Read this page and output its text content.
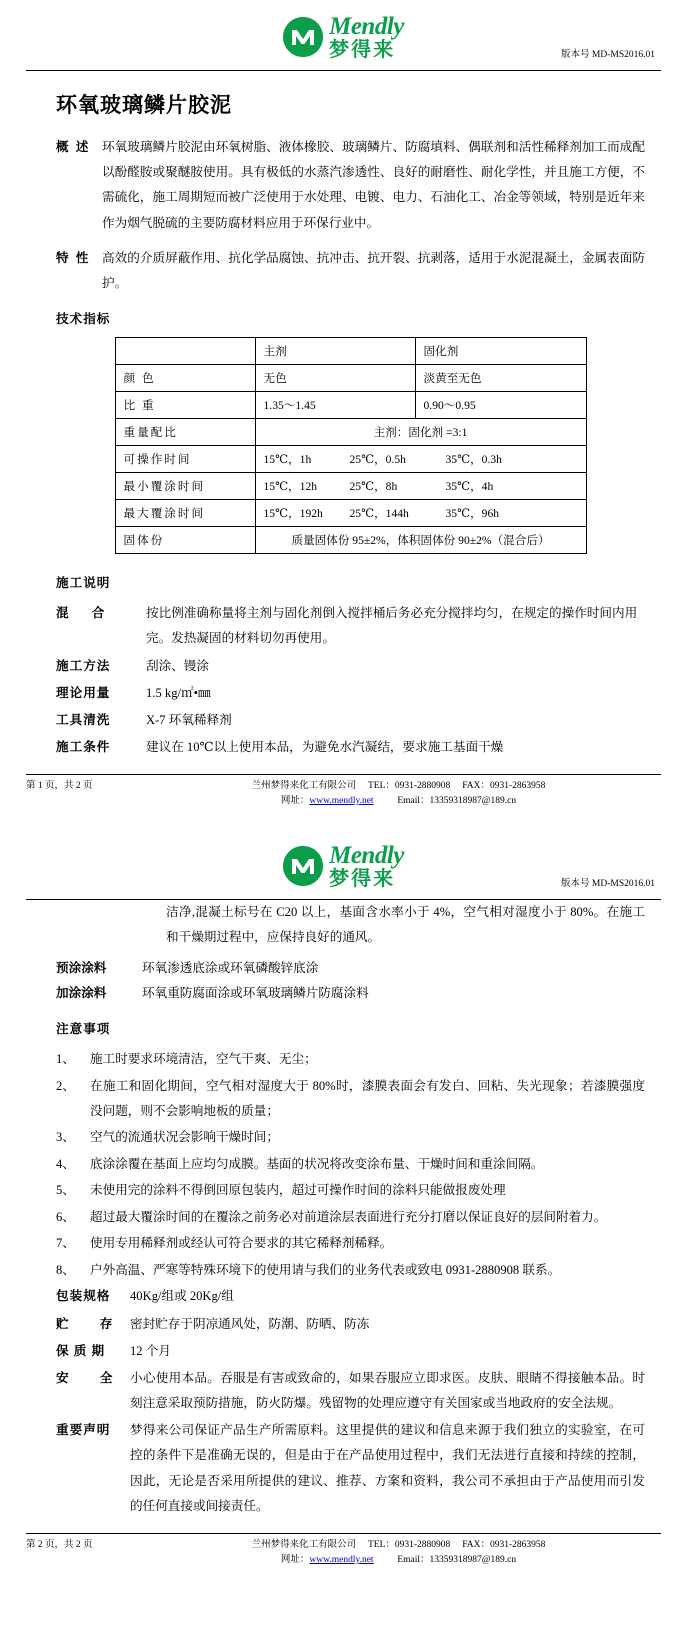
Mendly
梦得来	版本号 MD-MS2016.01
环氧玻璃鳞片胶泥
概 述 环氧玻璃鳞片胶泥由环氧树脂、液体橡胶、玻璃鳞片、防腐填料、偶联剂和活性稀释剂加工而成配以酚醛胺或聚醚胺使用。具有极低的水蒸汽渗透性、良好的耐磨性、耐化学性，并且施工方便，不需硫化，施工周期短而被广泛使用于水处理、电镀、电力、石油化工、冶金等领域，特别是近年来作为烟气脱硫的主要防腐材料应用于环保行业中。
特 性 高效的介质屏蔽作用、抗化学品腐蚀、抗冲击、抗开裂、抗剥落，适用于水泥混凝土，金属表面防护。
技术指标
	主剂	固化剂
颜 色	无色	淡黄至无色
比 重	1.35～1.45	0.90～0.95
重量配比	主剂：固化剂 =3:1	
可操作时间	15℃，1h 25℃，0.5h 35℃，0.3h	

最小覆涂时间	15℃，12h 25℃，8h 35℃，4h	

最大覆涂时间	15℃，192h 25℃，144h 35℃，96h	

固体份	质量固体份 95±2%，体积固体份 90±2%（混合后）	
施工说明
混 合	按比例准确称量将主剂与固化剂倒入搅拌桶后务必充分搅拌均匀，在规定的操作时间内用完。发热凝固的材料切勿再使用。
施工方法	刮涂、镘涂
理论用量	1.5 kg/㎡•㎜
工具清洗	X-7 环氧稀释剂
施工条件	建议在 10℃以上使用本品，为避免水汽凝结，要求施工基面干燥
第 1 页，共 2 页	兰州梦得来化工有限公司 TEL：0931-2880908 FAX：0931-2863958
网址：www.mendly.net	Email：13359318987@189.cn
Mendly
梦得来	版本号 MD-MS2016.01
洁净,混凝土标号在 C20 以上，基面含水率小于 4%，空气相对湿度小于 80%。在施工和干燥期过程中，应保持良好的通风。
预涂涂料	环氧渗透底涂或环氧磷酸锌底涂
加涂涂料	环氧重防腐面涂或环氧玻璃鳞片防腐涂料
注意事项
1、	施工时要求环境清洁，空气干爽、无尘；
2、	在施工和固化期间，空气相对湿度大于 80%时，漆膜表面会有发白、回粘、失光现象；若漆膜强度没问题，则不会影响地板的质量；
3、	空气的流通状况会影响干燥时间；
4、	底涂涂覆在基面上应均匀成膜。基面的状况将改变涂布量、干燥时间和重涂间隔。
5、	未使用完的涂料不得倒回原包装内，超过可操作时间的涂料只能做报废处理
6、	超过最大覆涂时间的在覆涂之前务必对前道涂层表面进行充分打磨以保证良好的层间附着力。
7、	使用专用稀释剂或经认可符合要求的其它稀释剂稀释。
8、	户外高温、严寒等特殊环境下的使用请与我们的业务代表或致电 0931-2880908 联系。
包装规格	40Kg/组或 20Kg/组
贮 存 密封贮存于阴凉通风处，防潮、防晒、防冻
保 质 期	12 个月
安 全 小心使用本品。吞服是有害或致命的，如果吞服应立即求医。皮肤、眼睛不得接触本品。时刻注意采取预防措施，防火防爆。残留物的处理应遵守有关国家或当地政府的安全法规。
重要声明	梦得来公司保证产品生产所需原料。这里提供的建议和信息来源于我们独立的实验室，在可控的条件下是准确无误的，但是由于在产品使用过程中，我们无法进行直接和持续的控制，因此，无论是否采用所提供的建议、推荐、方案和资料，我公司不承担由于产品使用而引发的任何直接或间接责任。
第 2 页，共 2 页	兰州梦得来化工有限公司 TEL：0931-2880908 FAX：0931-2863958
网址：www.mendly.net	Email：13359318987@189.cn
